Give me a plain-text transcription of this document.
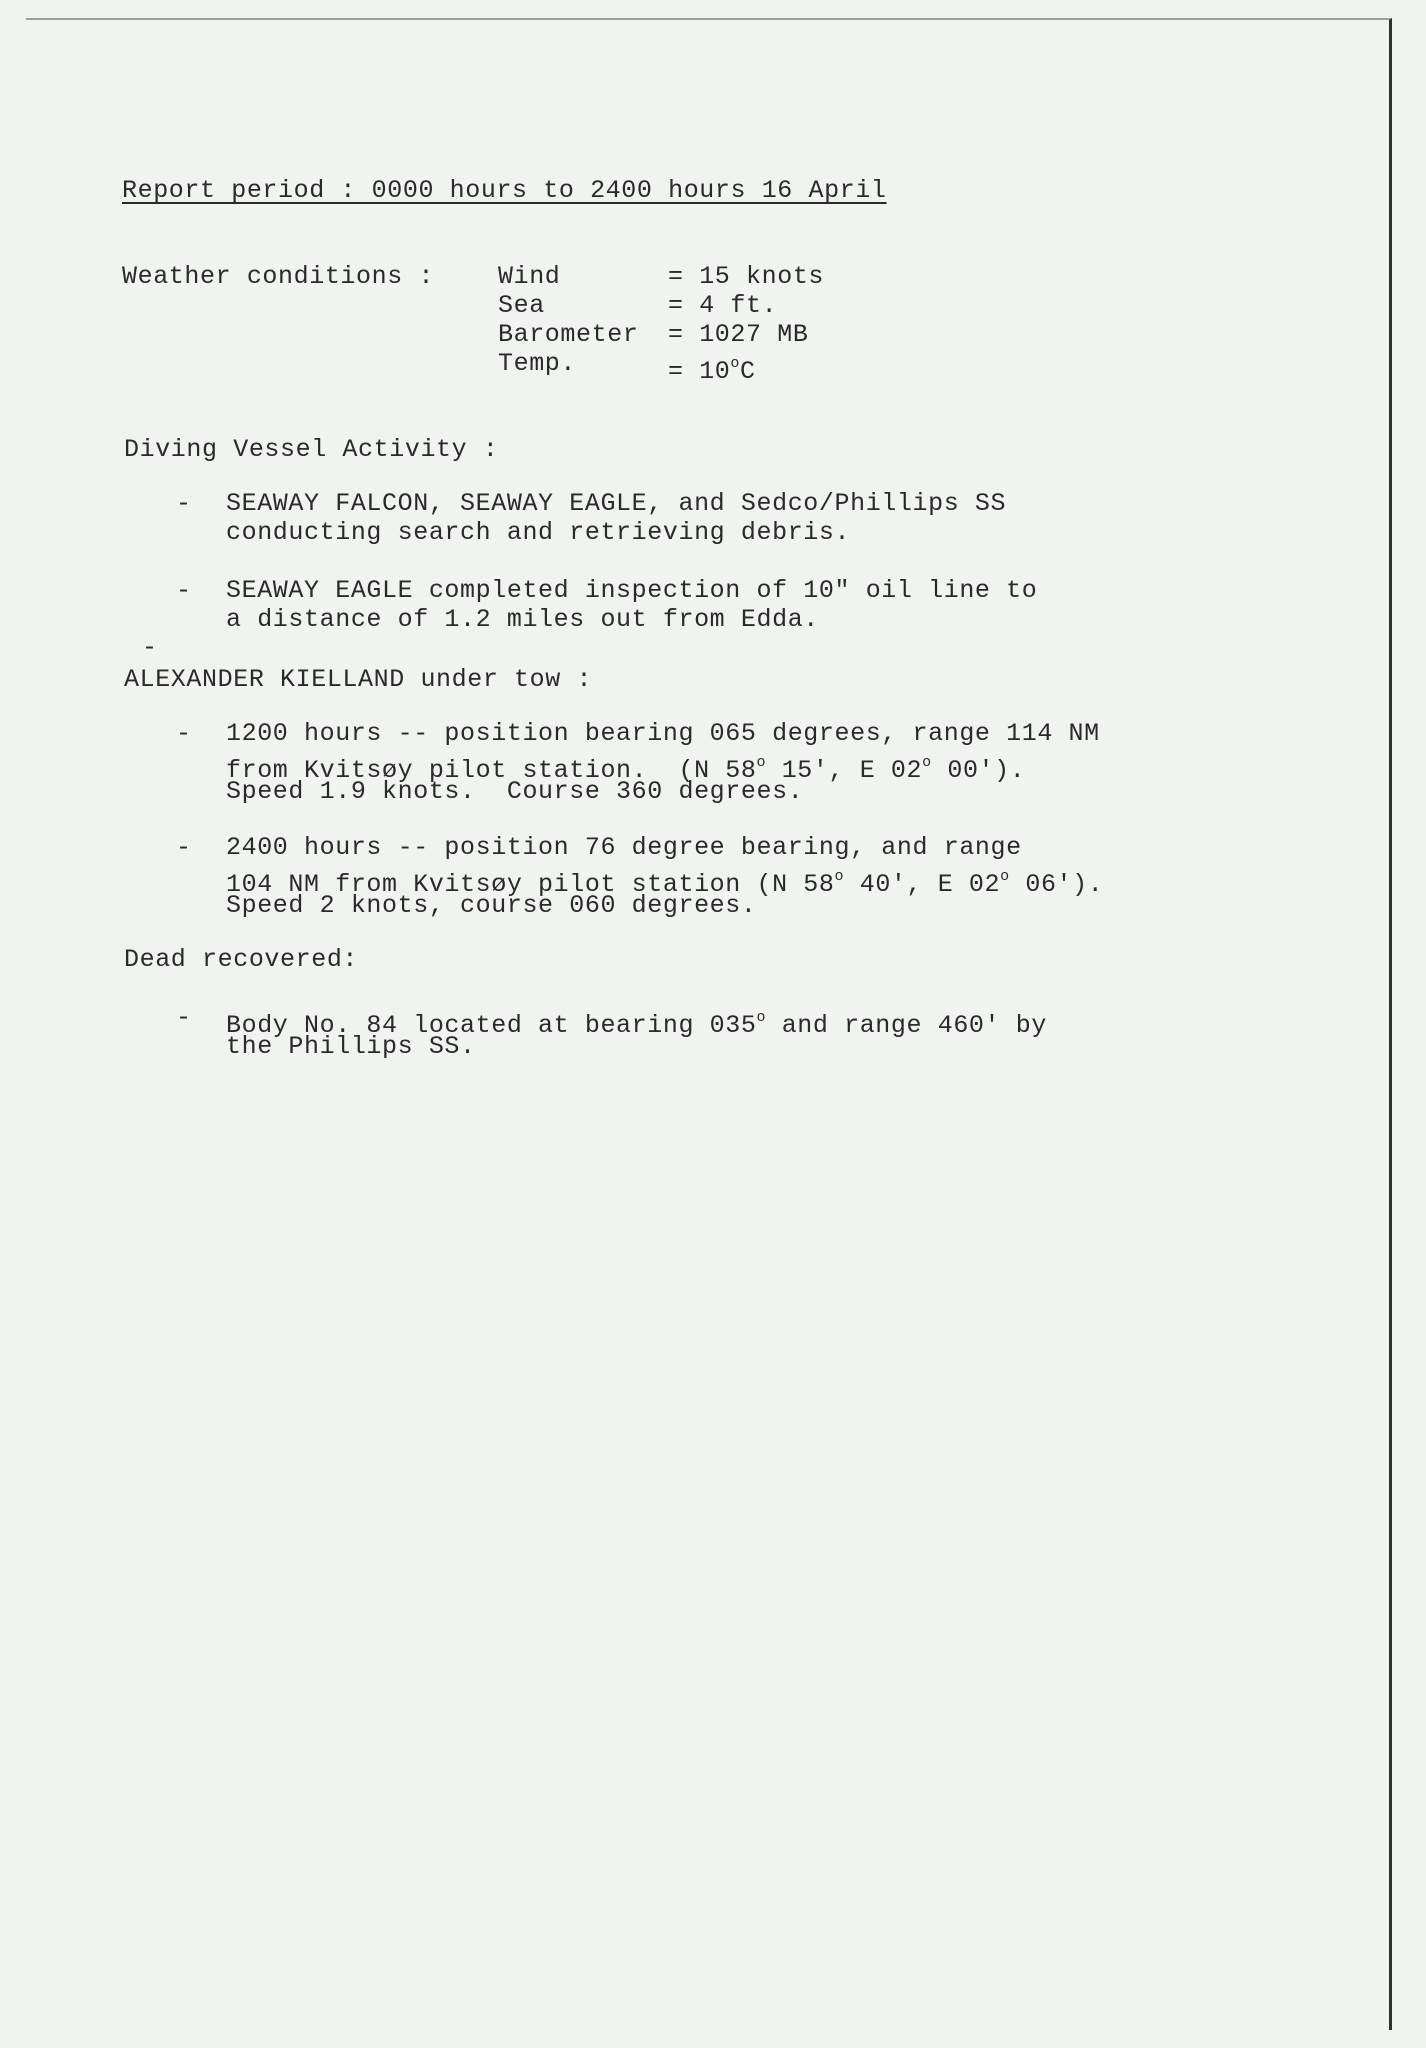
Report period : 0000 hours to 2400 hours 16 April
Weather conditions :	Wind	= 15 knots
Sea	= 4 ft.
Barometer = 1027 MB
Temp.	= $10^oC$
Diving Vessel Activity :
- SEAWAY FALCON, SEAWAY EAGLE, and Sedco/Phillips SS
conducting search and retrieving debris.
- SEAWAY EAGLE completed inspection of 10" oil line to
a distance of 1.2 miles out from Edda.
-
ALEXANDER KIELLAND under tow :
- 1200 hours -- position bearing 065 degrees, range 114 NM
from Kvitsøy pilot station.  (N 58$^o$ 15', E 02$^o$ 00').
Speed 1.9 knots.  Course 360 degrees.
- 2400 hours -- position 76 degree bearing, and range
104 NM from Kvitsøy pilot station (N 58$^o$ 40', E 02$^o$ 06').
Speed 2 knots, course 060 degrees.
Dead recovered:
- Body No. 84 located at bearing 035$^o$ and range 460' by
the Phillips SS.
